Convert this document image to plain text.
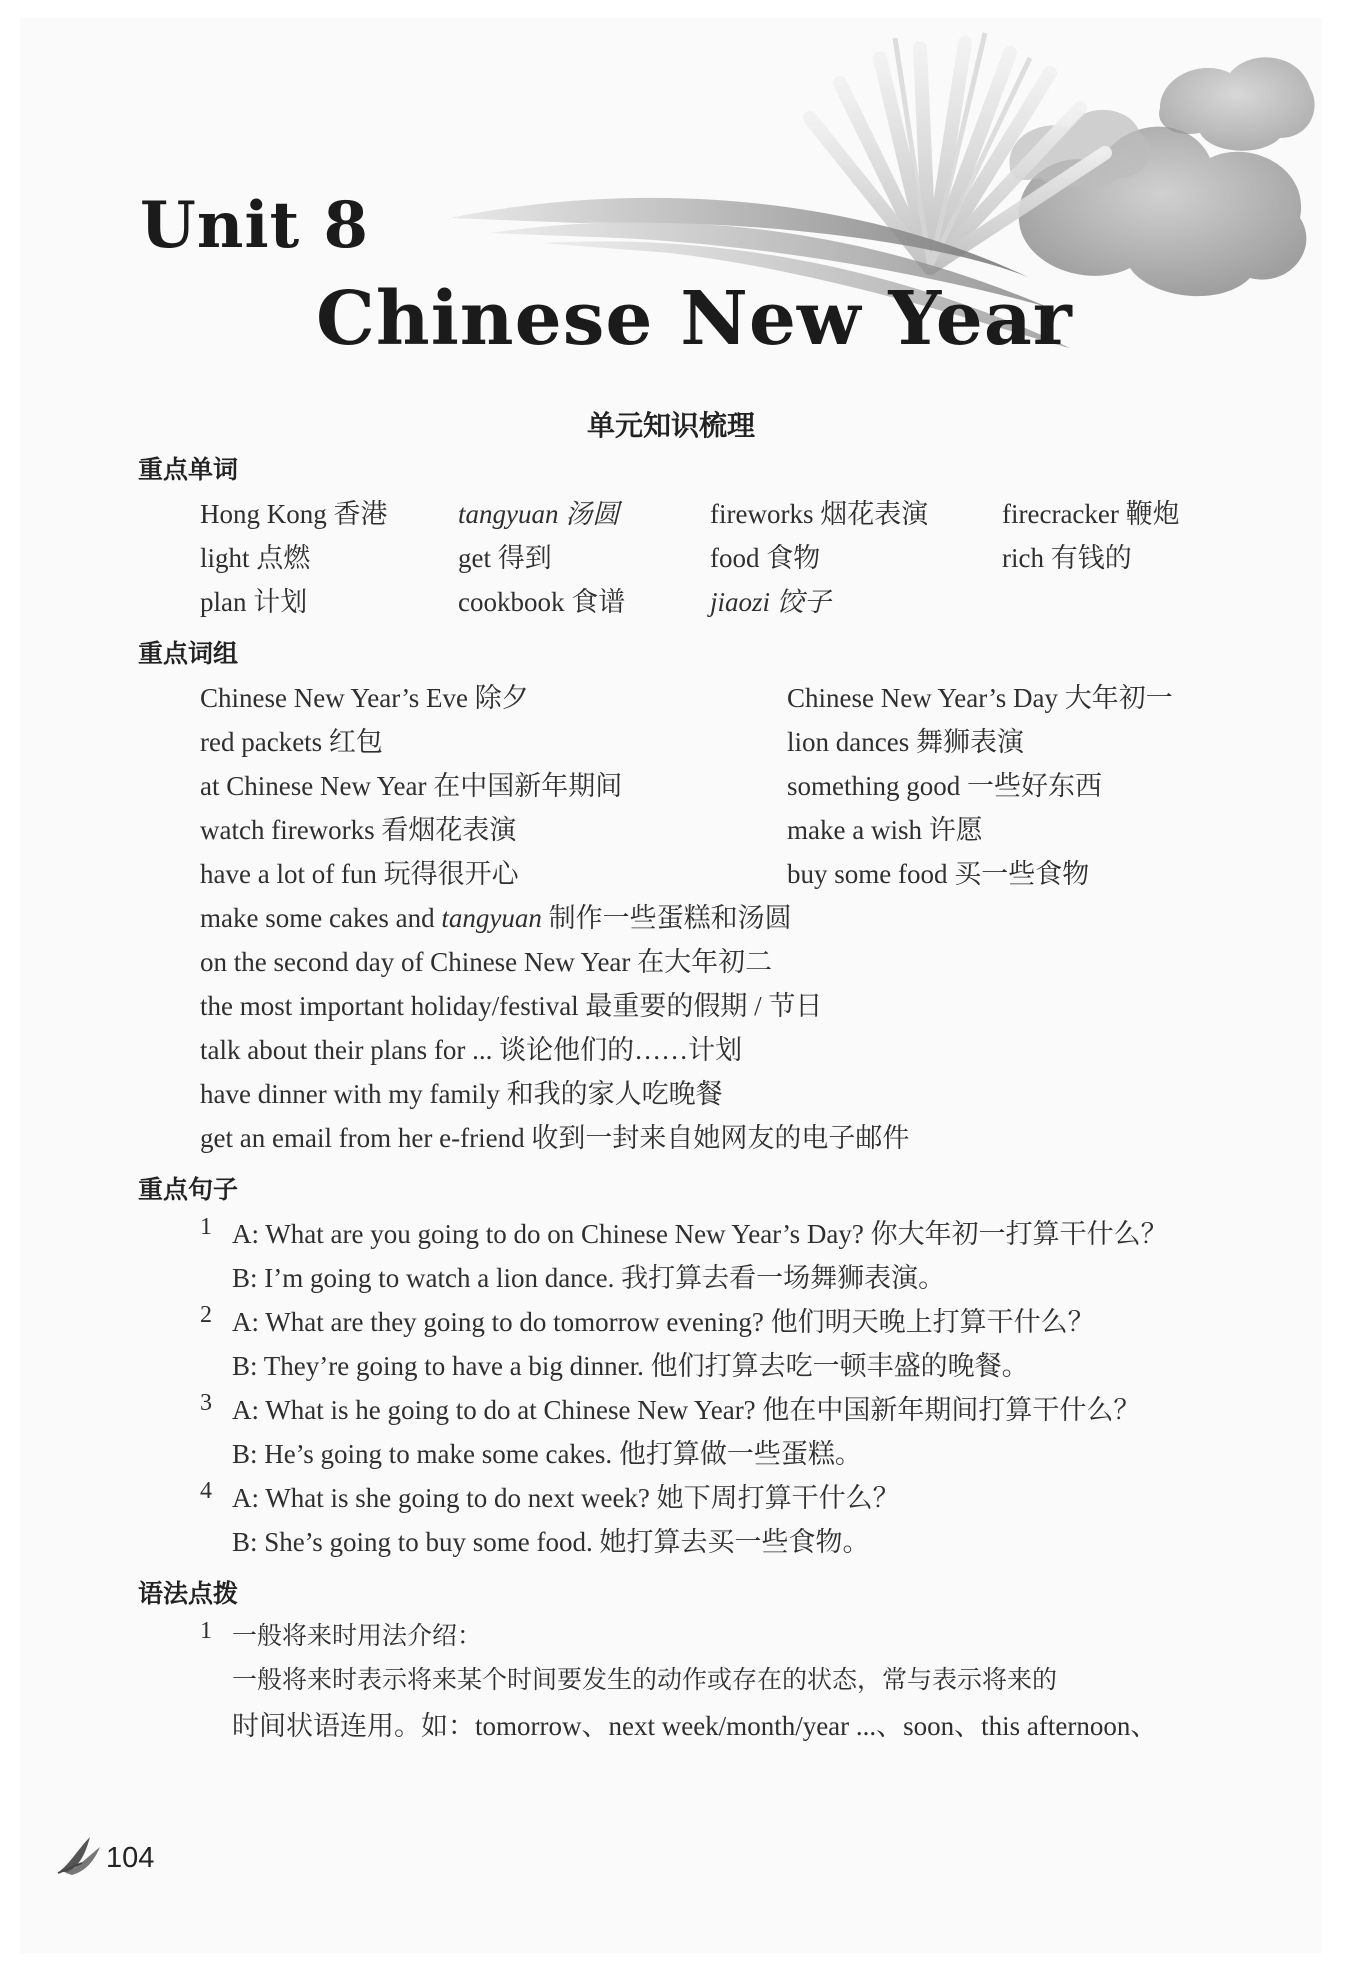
Unit 8
Chinese New Year
单元知识梳理
重点单词
Hong Kong 香港	tangyuan 汤圆	fireworks 烟花表演	firecracker 鞭炮
light 点燃	get 得到	food 食物	rich 有钱的
plan 计划	cookbook 食谱	jiaozi 饺子
重点词组
Chinese New Year’s Eve 除夕	Chinese New Year’s Day 大年初一
red packets 红包	lion dances 舞狮表演
at Chinese New Year 在中国新年期间	something good 一些好东西
watch fireworks 看烟花表演	make a wish 许愿
have a lot of fun 玩得很开心	buy some food 买一些食物
make some cakes and tangyuan 制作一些蛋糕和汤圆
on the second day of Chinese New Year 在大年初二
the most important holiday/festival 最重要的假期 / 节日
talk about their plans for ... 谈论他们的……计划
have dinner with my family 和我的家人吃晚餐
get an email from her e-friend 收到一封来自她网友的电子邮件
重点句子
1 A: What are you going to do on Chinese New Year’s Day? 你大年初一打算干什么？
B: I’m going to watch a lion dance. 我打算去看一场舞狮表演。
2 A: What are they going to do tomorrow evening? 他们明天晚上打算干什么？
B: They’re going to have a big dinner. 他们打算去吃一顿丰盛的晚餐。
3 A: What is he going to do at Chinese New Year? 他在中国新年期间打算干什么？
B: He’s going to make some cakes. 他打算做一些蛋糕。
4 A: What is she going to do next week? 她下周打算干什么？
B: She’s going to buy some food. 她打算去买一些食物。
语法点拨
1 一般将来时用法介绍：
一般将来时表示将来某个时间要发生的动作或存在的状态，常与表示将来的
时间状语连用。如：tomorrow、next week/month/year ...、soon、this afternoon、
104
